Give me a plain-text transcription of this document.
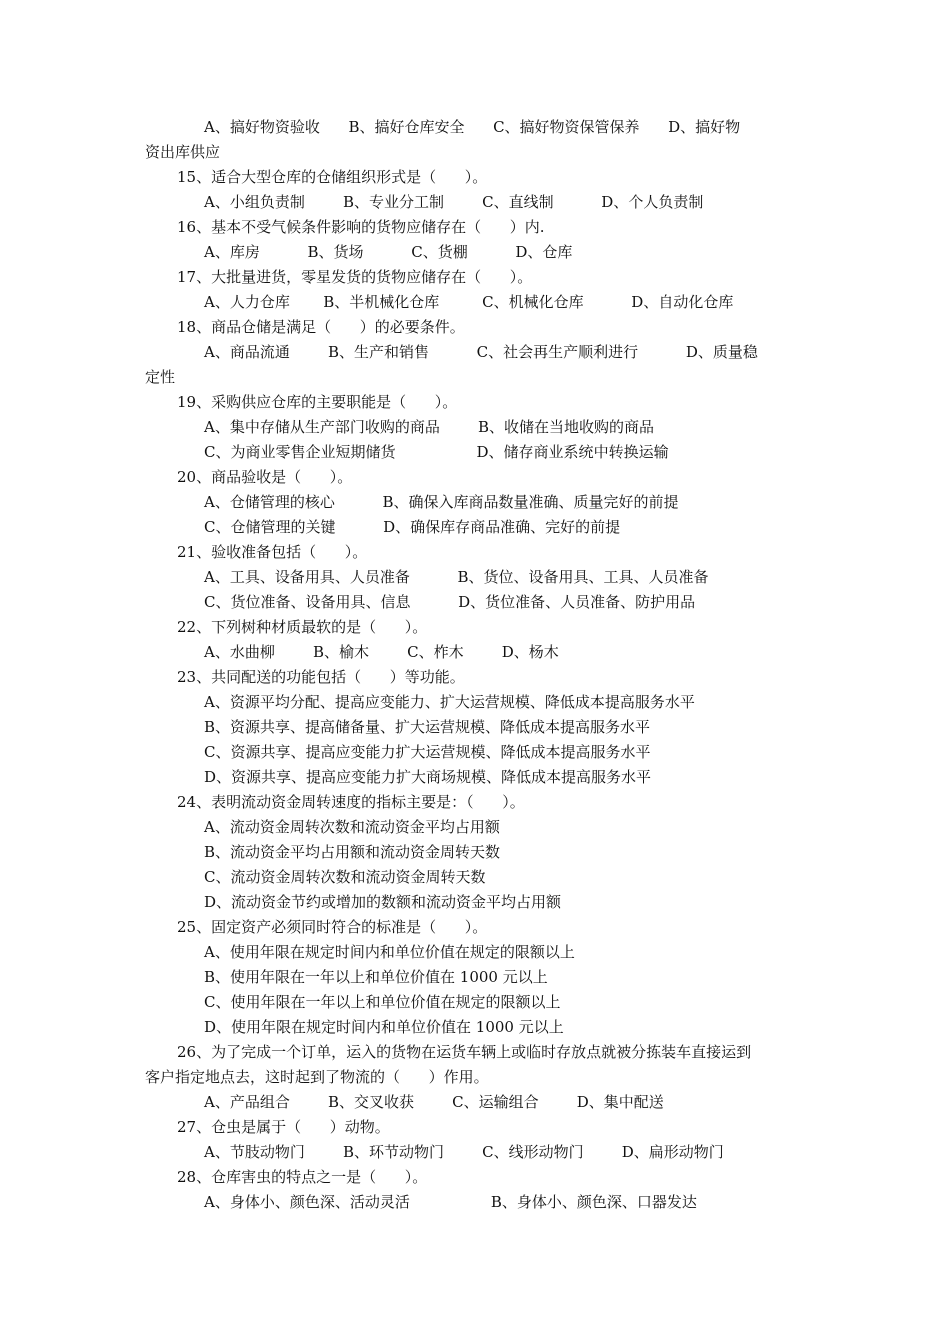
A、搞好物资验收      B、搞好仓库安全      C、搞好物资保管保养      D、搞好物
资出库供应
15、适合大型仓库的仓储组织形式是（      ）。
A、小组负责制        B、专业分工制        C、直线制          D、个人负责制
16、基本不受气候条件影响的货物应储存在（      ）内.
A、库房          B、货场          C、货棚          D、仓库
17、大批量进货，零星发货的货物应储存在（      ）。
A、人力仓库       B、半机械化仓库         C、机械化仓库          D、自动化仓库
18、商品仓储是满足（      ）的必要条件。
A、商品流通        B、生产和销售          C、社会再生产顺利进行          D、质量稳
定性
19、采购供应仓库的主要职能是（      ）。
A、集中存储从生产部门收购的商品        B、收储在当地收购的商品
C、为商业零售企业短期储货                 D、储存商业系统中转换运输
20、商品验收是（      ）。
A、仓储管理的核心          B、确保入库商品数量准确、质量完好的前提
C、仓储管理的关键          D、确保库存商品准确、完好的前提
21、验收准备包括（      ）。
A、工具、设备用具、人员准备          B、货位、设备用具、工具、人员准备
C、货位准备、设备用具、信息          D、货位准备、人员准备、防护用品
22、下列树种材质最软的是（      ）。
A、水曲柳        B、榆木        C、柞木        D、杨木
23、共同配送的功能包括（      ）等功能。
A、资源平均分配、提高应变能力、扩大运营规模、降低成本提高服务水平
B、资源共享、提高储备量、扩大运营规模、降低成本提高服务水平
C、资源共享、提高应变能力扩大运营规模、降低成本提高服务水平
D、资源共享、提高应变能力扩大商场规模、降低成本提高服务水平
24、表明流动资金周转速度的指标主要是：（      ）。
A、流动资金周转次数和流动资金平均占用额
B、流动资金平均占用额和流动资金周转天数
C、流动资金周转次数和流动资金周转天数
D、流动资金节约或增加的数额和流动资金平均占用额
25、固定资产必须同时符合的标准是（      ）。
A、使用年限在规定时间内和单位价值在规定的限额以上
B、使用年限在一年以上和单位价值在 1000 元以上
C、使用年限在一年以上和单位价值在规定的限额以上
D、使用年限在规定时间内和单位价值在 1000 元以上
26、为了完成一个订单，运入的货物在运货车辆上或临时存放点就被分拣装车直接运到
客户指定地点去，这时起到了物流的（      ）作用。
A、产品组合        B、交叉收获        C、运输组合        D、集中配送
27、仓虫是属于（      ）动物。
A、节肢动物门        B、环节动物门        C、线形动物门        D、扁形动物门
28、仓库害虫的特点之一是（      ）。
A、身体小、颜色深、活动灵活                 B、身体小、颜色深、口器发达
